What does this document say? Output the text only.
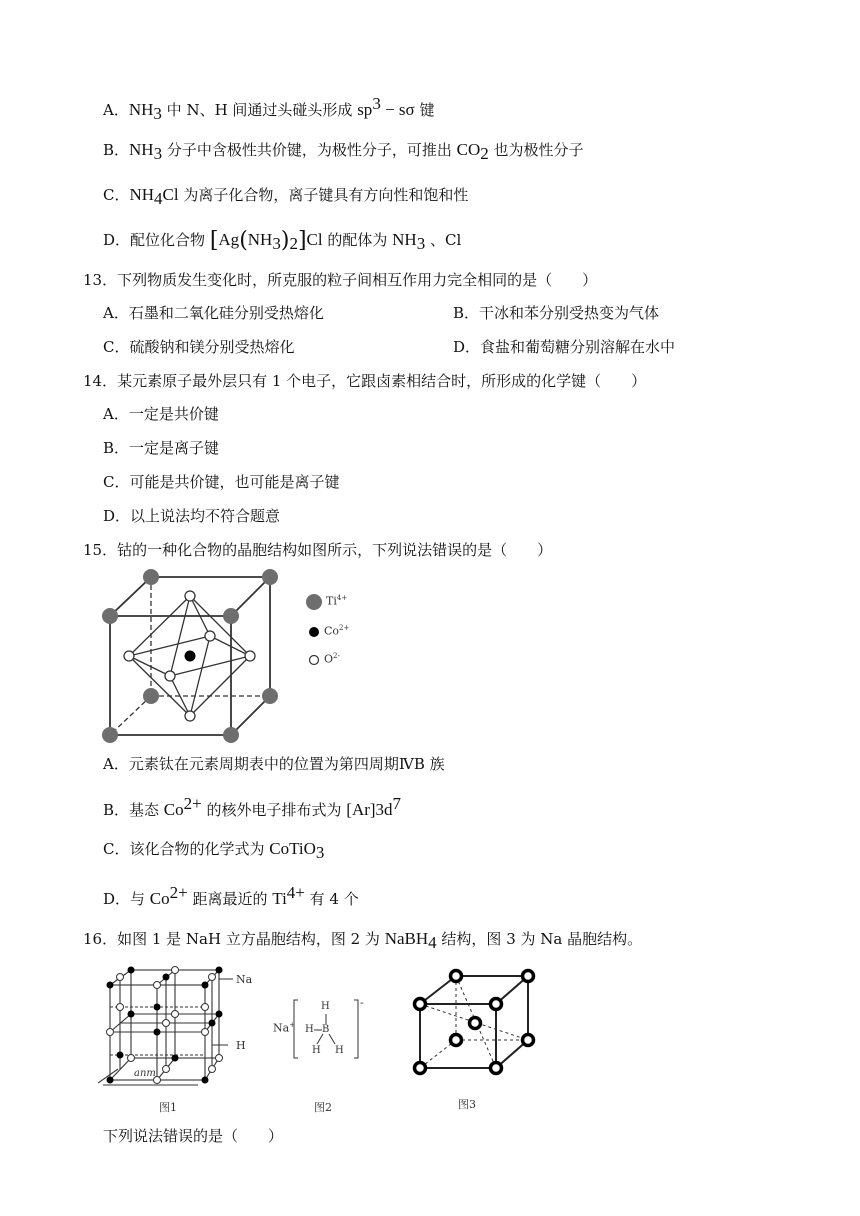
A．$NH_3$ 中 N、H 间通过头碰头形成 $sp^3 - s\sigma$ 键
B．$NH_3$ 分子中含极性共价键，为极性分子，可推出 $CO_2$ 也为极性分子
C．$NH_4Cl$ 为离子化合物，离子键具有方向性和饱和性
D．配位化合物 $[Ag(NH_3)_2]Cl$ 的配体为 $NH_3$ 、Cl
13．下列物质发生变化时，所克服的粒子间相互作用力完全相同的是（　　）
A．石墨和二氧化硅分别受热熔化	B．干冰和苯分别受热变为气体
C．硫酸钠和镁分别受热熔化	D．食盐和葡萄糖分别溶解在水中
14．某元素原子最外层只有 1 个电子，它跟卤素相结合时，所形成的化学键（　　）
A．一定是共价键
B．一定是离子键
C．可能是共价键，也可能是离子键
D．以上说法均不符合题意
15．钴的一种化合物的晶胞结构如图所示，下列说法错误的是（　　）
$Ti^{4+}$
$Co^{2+}$
$O^{2-}$
A．元素钛在元素周期表中的位置为第四周期ⅣB 族
B．基态 $Co^{2+}$ 的核外电子排布式为 $[Ar]3d^7$
C．该化合物的化学式为 CoTiO$_3$
D．与 $Co^{2+}$ 距离最近的 $Ti^{4+}$ 有 4 个
16．如图 1 是 NaH 立方晶胞结构，图 2 为 NaBH$_4$ 结构，图 3 为 Na 晶胞结构。
Na
H
anm
Na+
H
H B
H H
-
图1	图2	图3
下列说法错误的是（　　）
